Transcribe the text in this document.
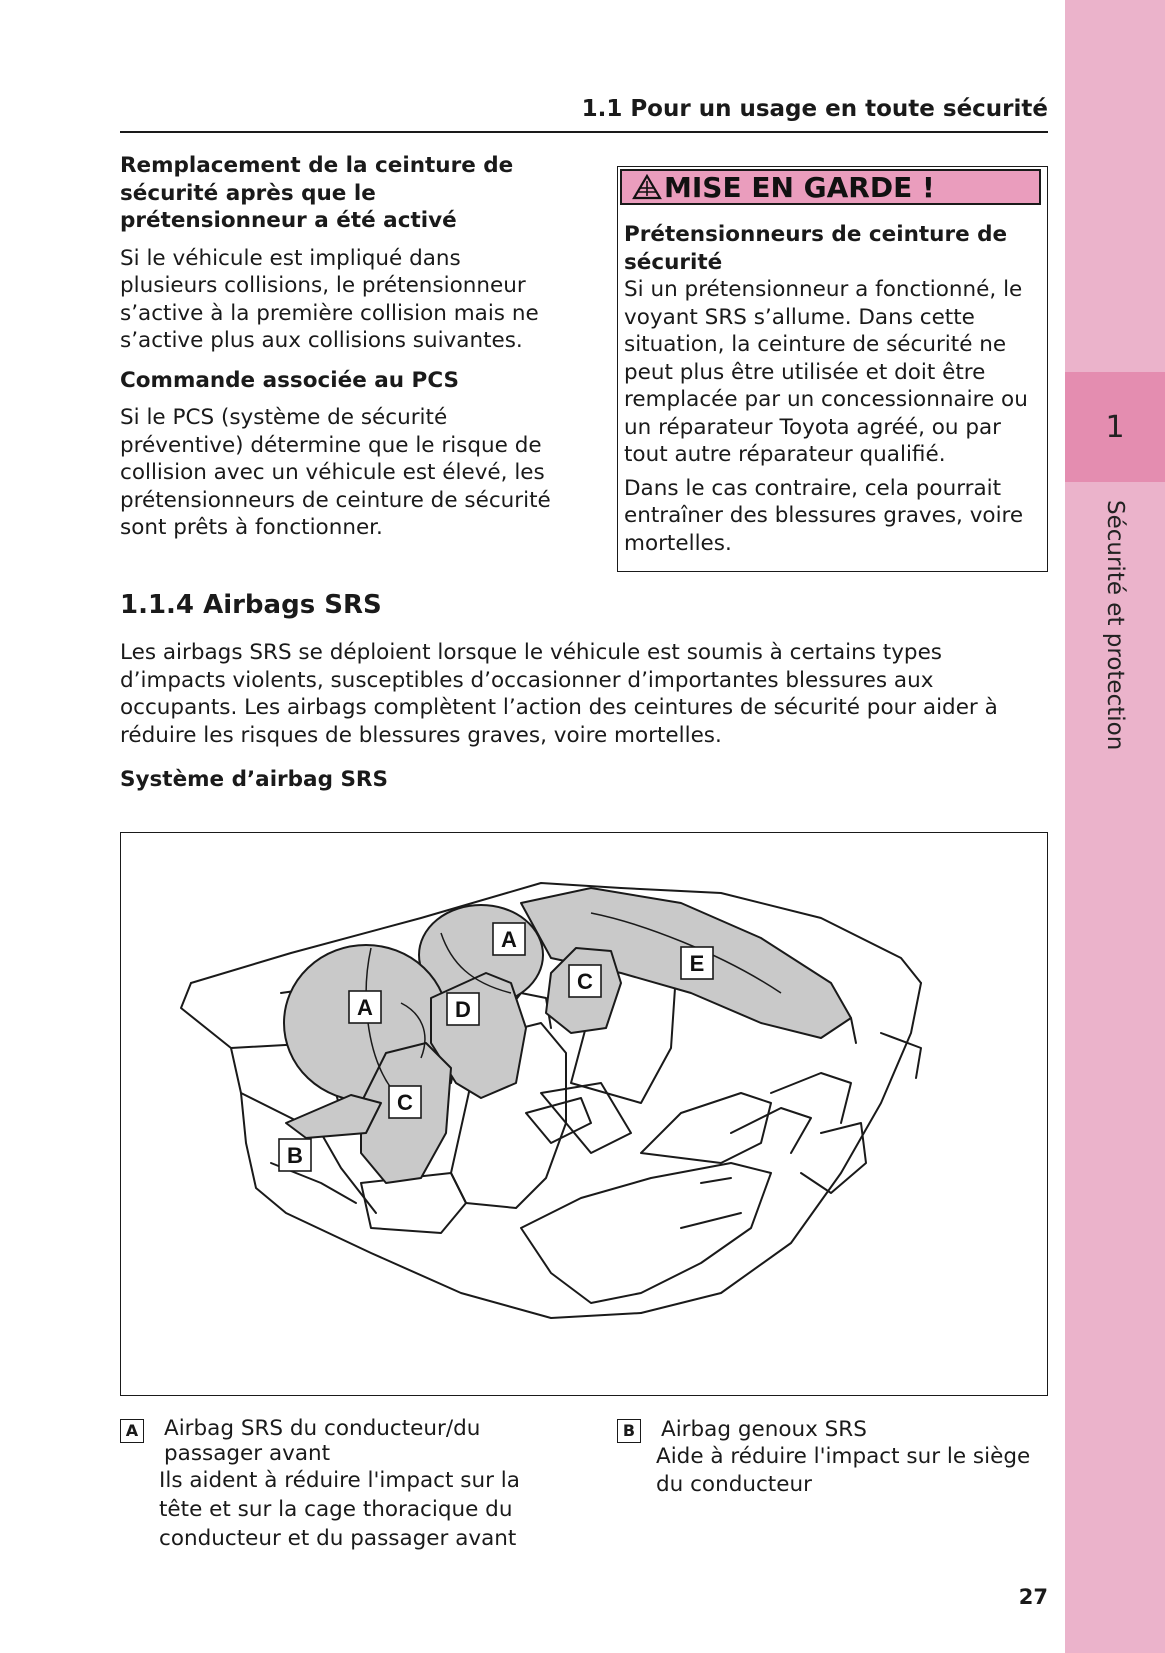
1
Sécurité et protection
1.1 Pour un usage en toute sécurité
Remplacement de la ceinture de sécurité après que le prétensionneur a été activé

Si le véhicule est impliqué dans plusieurs collisions, le prétensionneur s’active à la première collision mais ne s’active plus aux collisions suivantes.

Commande associée au PCS

Si le PCS (système de sécurité préventive) détermine que le risque de collision avec un véhicule est élevé, les prétensionneurs de ceinture de sécurité sont prêts à fonctionner.

MISE EN GARDE !
Prétensionneurs de ceinture de sécurité

Si un prétensionneur a fonctionné, le voyant SRS s’allume. Dans cette situation, la ceinture de sécurité ne peut plus être utilisée et doit être remplacée par un concessionnaire ou un réparateur Toyota agréé, ou par tout autre réparateur qualifié.

Dans le cas contraire, cela pourrait entraîner des blessures graves, voire mortelles.

1.1.4 Airbags SRS
Les airbags SRS se déploient lorsque le véhicule est soumis à certains types d’impacts violents, susceptibles d’occasionner d’importantes blessures aux occupants. Les airbags complètent l’action des ceintures de sécurité pour aider à réduire les risques de blessures graves, voire mortelles.
Système d’airbag SRS
A
A	D
C
E
C
B
A Airbag SRS du conducteur/du passager avant
Ils aident à réduire l'impact sur la tête et sur la cage thoracique du conducteur et du passager avant
B Airbag genoux SRS
Aide à réduire l'impact sur le siège du conducteur
27
